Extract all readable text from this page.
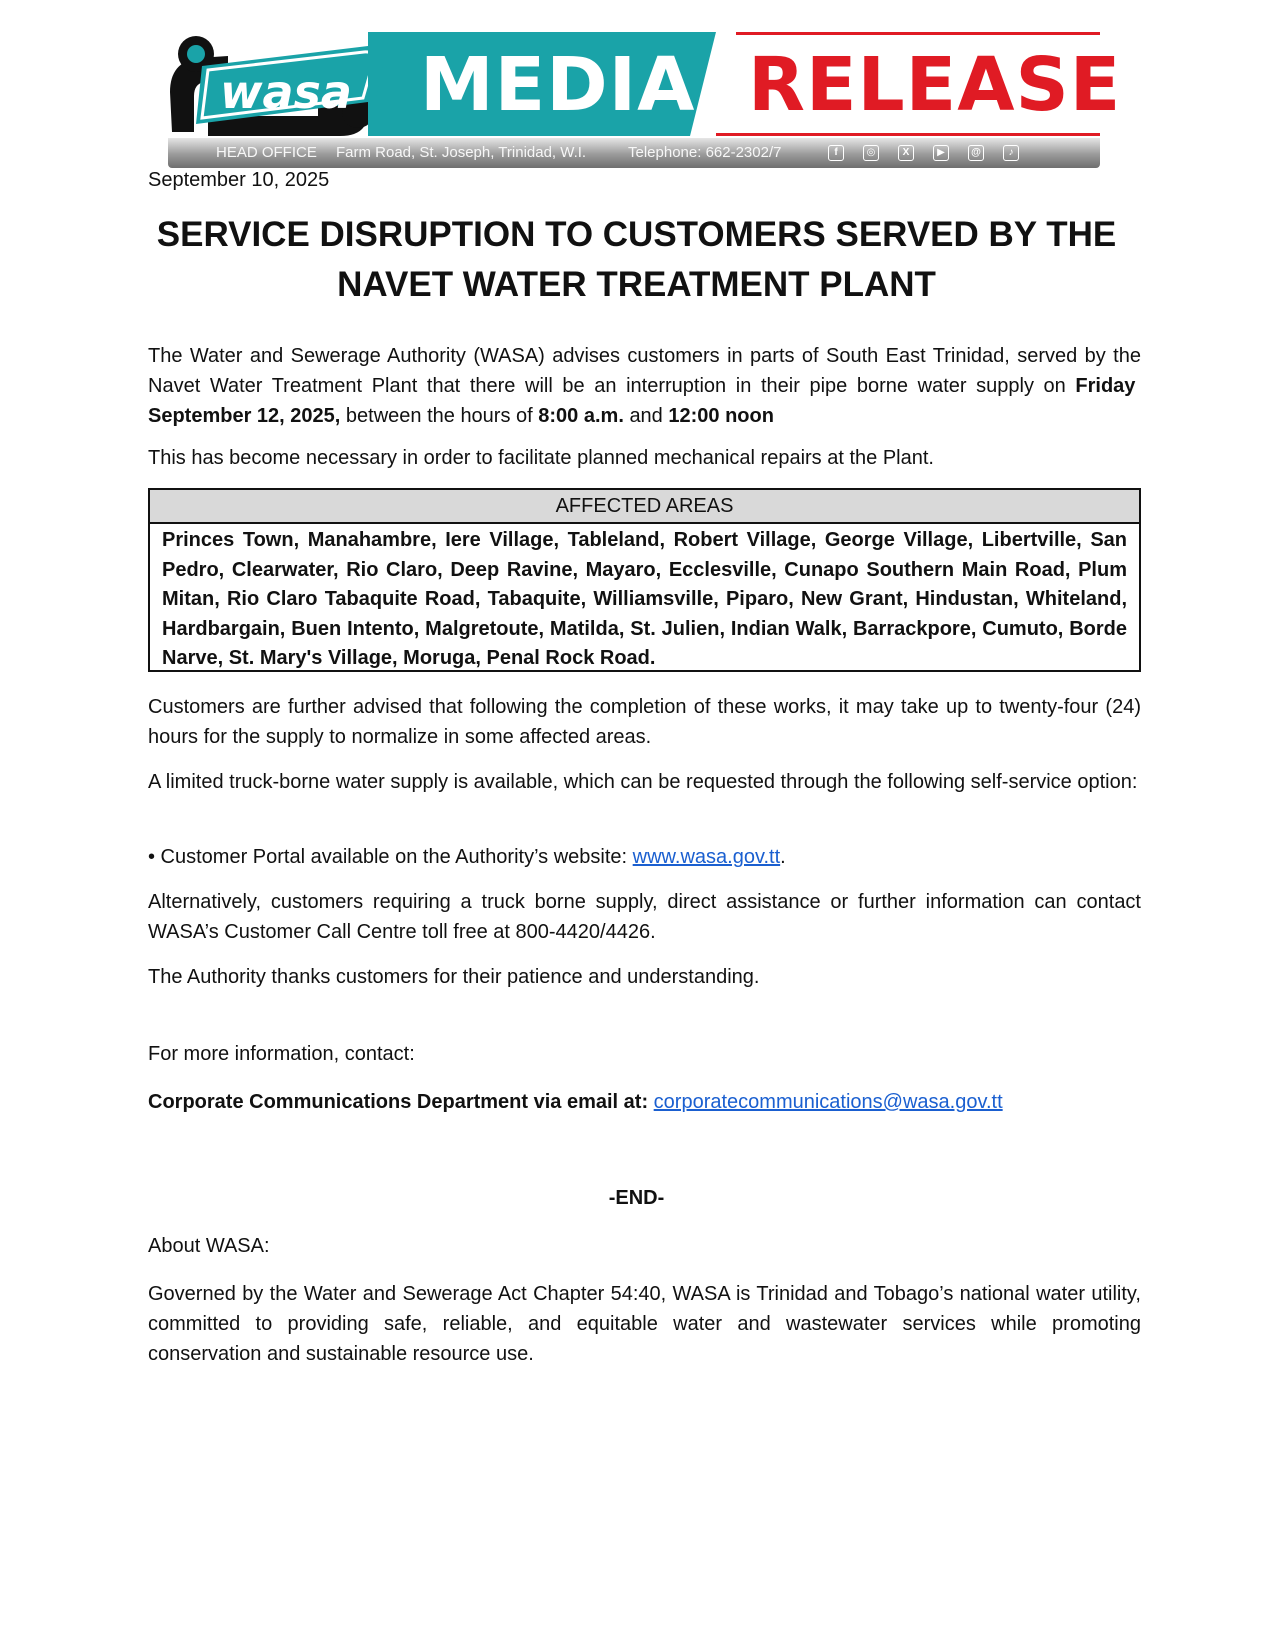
wasa MEDIA RELEASE
HEAD OFFICE Farm Road, St. Joseph, Trinidad, W.I.	Telephone: 662-2302/7	f	◎	X	▶	@	♪
September 10, 2025
SERVICE DISRUPTION TO CUSTOMERS SERVED BY THE
NAVET WATER TREATMENT PLANT
The Water and Sewerage Authority (WASA) advises customers in parts of South East Trinidad, served by the Navet Water Treatment Plant that there will be an interruption in their pipe borne water supply on Friday  September 12, 2025, between the hours of 8:00 a.m. and 12:00 noon
This has become necessary in order to facilitate planned mechanical repairs at the Plant.
AFFECTED AREAS
Princes Town, Manahambre, Iere Village, Tableland, Robert Village, George Village, Libertville, San Pedro, Clearwater, Rio Claro, Deep Ravine, Mayaro, Ecclesville, Cunapo Southern Main Road, Plum Mitan, Rio Claro Tabaquite Road, Tabaquite, Williamsville, Piparo, New Grant, Hindustan, Whiteland, Hardbargain, Buen Intento, Malgretoute, Matilda, St. Julien, Indian Walk, Barrackpore, Cumuto, Borde Narve, St. Mary's Village, Moruga, Penal Rock Road.
Customers are further advised that following the completion of these works, it may take up to twenty-four (24) hours for the supply to normalize in some affected areas.
A limited truck-borne water supply is available, which can be requested through the following self-service option:
• Customer Portal available on the Authority’s website: www.wasa.gov.tt.
Alternatively, customers requiring a truck borne supply, direct assistance or further information can contact WASA’s Customer Call Centre toll free at 800-4420/4426.
The Authority thanks customers for their patience and understanding.
For more information, contact:
Corporate Communications Department via email at: corporatecommunications@wasa.gov.tt
-END-
About WASA:
Governed by the Water and Sewerage Act Chapter 54:40, WASA is Trinidad and Tobago’s national water utility, committed to providing safe, reliable, and equitable water and wastewater services while promoting conservation and sustainable resource use.
